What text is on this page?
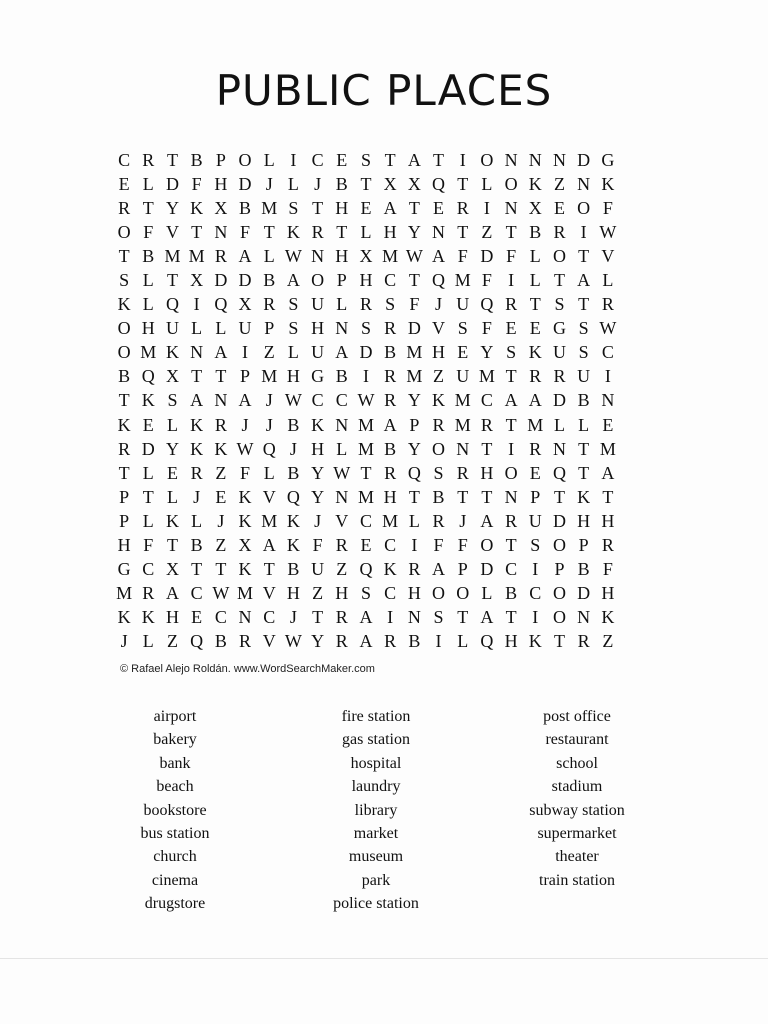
PUBLIC PLACES
C R T B P O L I C E S T A T I O N N N D G
E L D F H D J L J B T X X Q T L O K Z N K
R T Y K X B M S T H E A T E R I N X E O F
O F V T N F T K R T L H Y N T Z T B R I W
T B M M R A L W N H X M W A F D F L O T V
S L T X D D B A O P H C T Q M F I L T A L
K L Q I Q X R S U L R S F J U Q R T S T R
O H U L L U P S H N S R D V S F E E G S W
O M K N A I Z L U A D B M H E Y S K U S C
B Q X T T P M H G B I R M Z U M T R R U I
T K S A N A J W C C W R Y K M C A A D B N
K E L K R J J B K N M A P R M R T M L L E
R D Y K K W Q J H L M B Y O N T I R N T M
T L E R Z F L B Y W T R Q S R H O E Q T A
P T L J E K V Q Y N M H T B T T N P T K T
P L K L J K M K J V C M L R J A R U D H H
H F T B Z X A K F R E C I F F O T S O P R
G C X T T K T B U Z Q K R A P D C I P B F
M R A C W M V H Z H S C H O O L B C O D H
K K H E C N C J T R A I N S T A T I O N K
J L Z Q B R V W Y R A R B I L Q H K T R Z
© Rafael Alejo Roldán. www.WordSearchMaker.com
airport
bakery
bank
beach
bookstore
bus station
church
cinema
drugstore
fire station
gas station
hospital
laundry
library
market
museum
park
police station
post office
restaurant
school
stadium
subway station
supermarket
theater
train station
